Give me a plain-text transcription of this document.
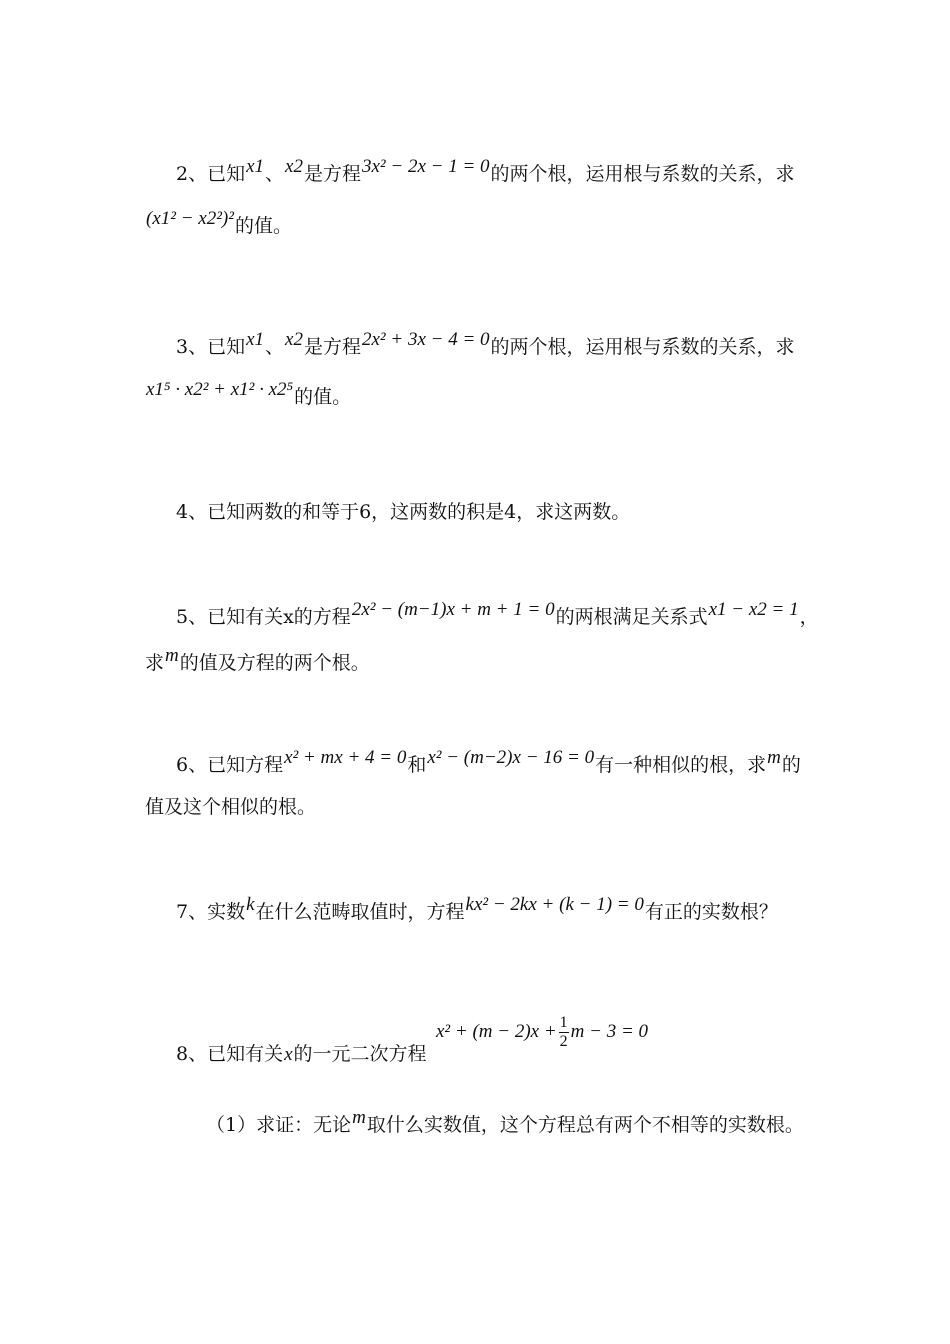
2、已知x1、x2是方程3x² − 2x − 1 = 0的两个根，运用根与系数的关系，求
(x1² − x2²)²的值。
3、已知x1、x2是方程2x² + 3x − 4 = 0的两个根，运用根与系数的关系，求
x1⁵ · x2² + x1² · x2⁵的值。
4、已知两数的和等于6，这两数的积是4，求这两数。
5、已知有关x的方程2x² − (m−1)x + m + 1 = 0的两根满足关系式x1 − x2 = 1，
求m的值及方程的两个根。
6、已知方程x² + mx + 4 = 0和x² − (m−2)x − 16 = 0有一种相似的根，求m的
值及这个相似的根。
7、实数k在什么范畴取值时，方程kx² − 2kx + (k − 1) = 0有正的实数根？
8、已知有关x的一元二次方程
$x^2 + (m - 2)x + \frac{1}{2}$ m − 3 = 0
（1）求证：无论m取什么实数值，这个方程总有两个不相等的实数根。
